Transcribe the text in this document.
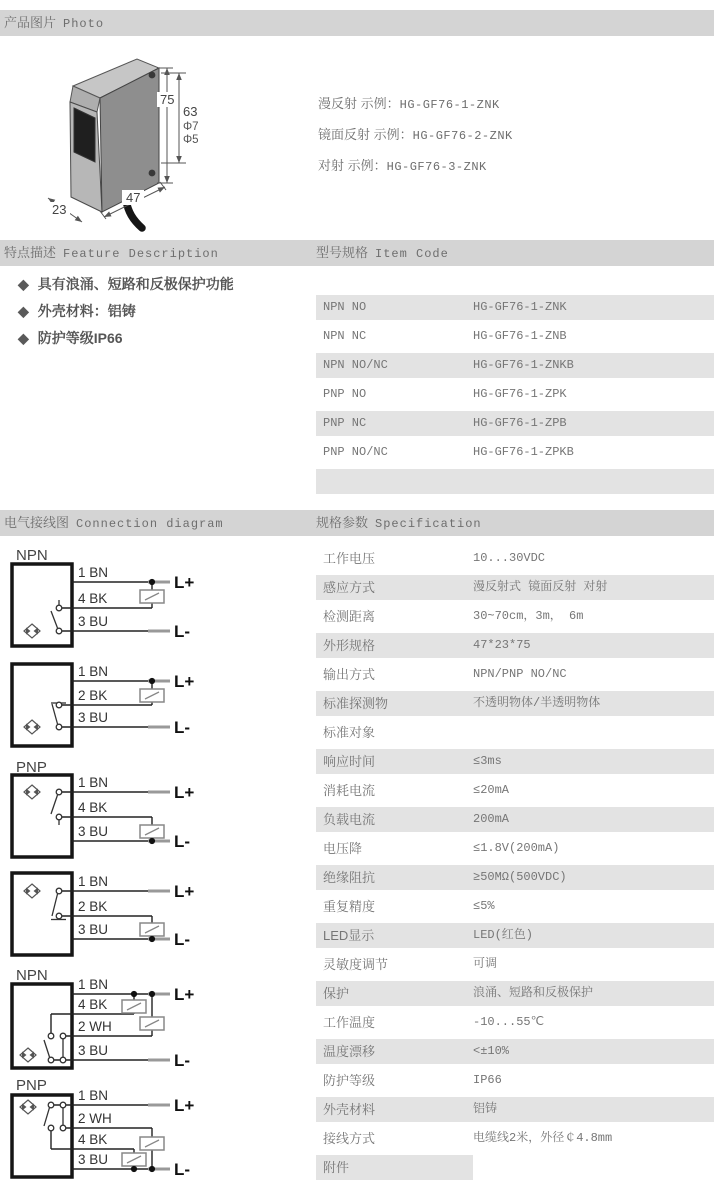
产品图片 Photo
75
63
Φ7
Φ5
47
23
漫反射 示例：HG-GF76-1-ZNK
镜面反射 示例：HG-GF76-2-ZNK
对射 示例：HG-GF76-3-ZNK
特点描述 Feature Description	型号规格 Item Code
◆ 具有浪涌、短路和反极保护功能
◆ 外壳材料：铝铸
◆ 防护等级IP66
NPN NO	HG-GF76-1-ZNK
NPN NC	HG-GF76-1-ZNB
NPN NO/NC	HG-GF76-1-ZNKB
PNP NO	HG-GF76-1-ZPK
PNP NC	HG-GF76-1-ZPB
PNP NO/NC	HG-GF76-1-ZPKB
电气接线图 Connection diagram	规格参数 Specification
NPN
1 BN
4 BK
3 BU
L+
L-
1 BN
2 BK
3 BU
L+
L-
PNP
1 BN
4 BK
3 BU
L+
L-
1 BN
2 BK
3 BU
L+
L-
NPN
1 BN
4 BK
2 WH
3 BU
L+
L-
PNP
1 BN
2 WH
4 BK
3 BU
L+
L-
工作电压	10...30VDC
感应方式	漫反射式 镜面反射 对射
检测距离	30~70cm，3m， 6m
外形规格	47*23*75
输出方式	NPN/PNP NO/NC
标准探测物	不透明物体/半透明物体
标准对象
响应时间	≤3ms
消耗电流	≤20mA
负载电流	200mA
电压降	≤1.8V(200mA)
绝缘阻抗	≥50MΩ(500VDC)
重复精度	≤5%
LED显示	LED(红色)
灵敏度调节	可调
保护	浪涌、短路和反极保护
工作温度	-10...55℃
温度漂移	<±10%
防护等级	IP66
外壳材料	铝铸
接线方式	电缆线2米，外径￠4.8mm
附件
